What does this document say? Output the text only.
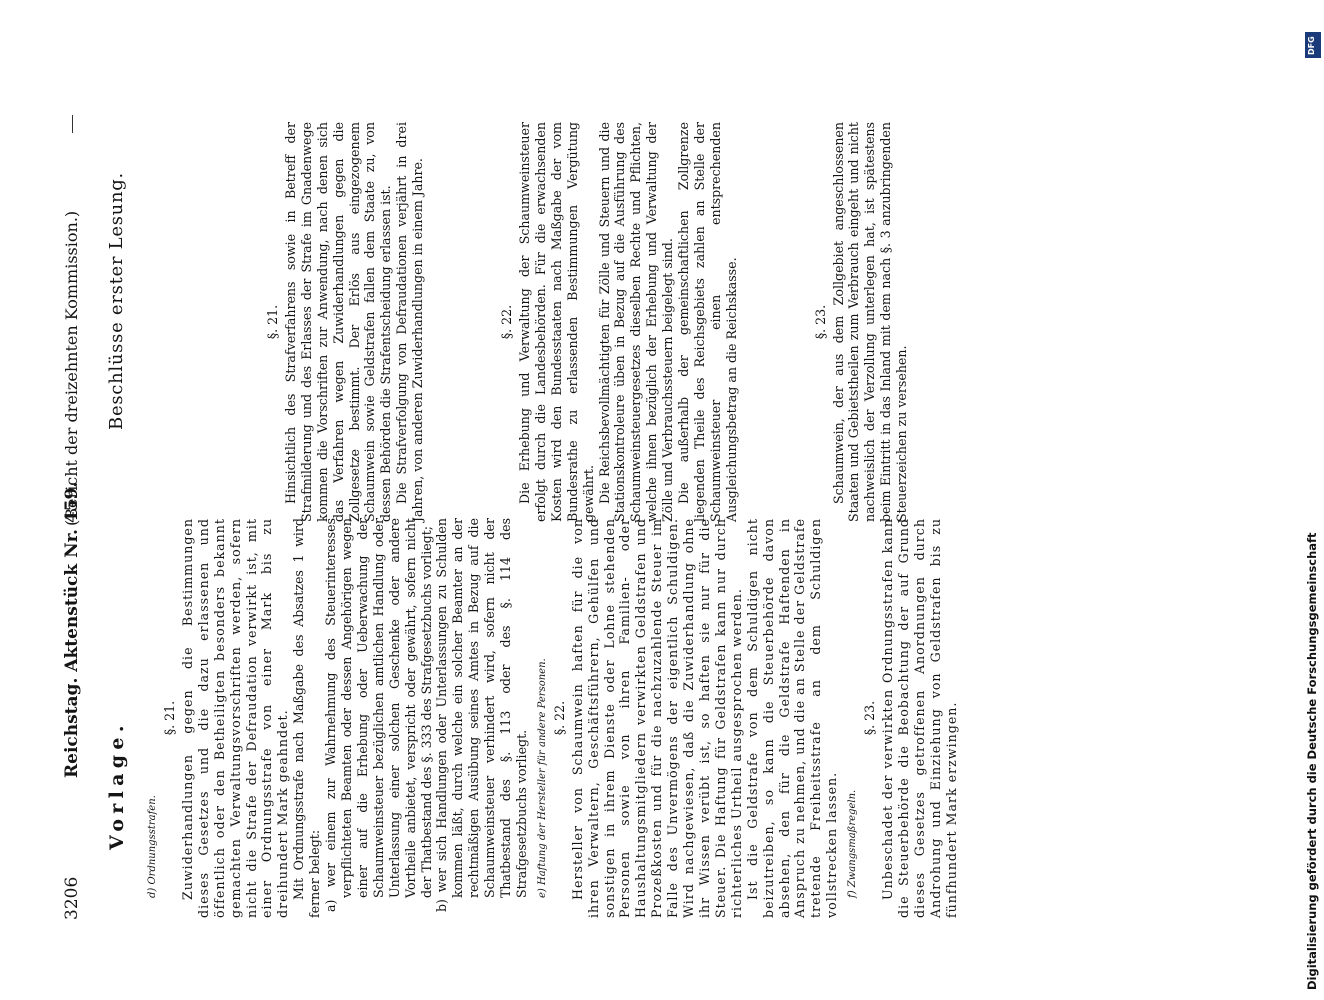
3206
Reichstag. Aktenstück Nr. 459.
(Bericht der dreizehnten Kommission.)
Vorlage.
Beschlüsse erster Lesung.
d) Ordnungsstrafen.
§. 21. Zuwiderhandlungen gegen die Bestimmungen dieses Gesetzes und die dazu erlassenen und öffentlich oder den Betheiligten besonders bekannt gemachten Verwaltungsvorschriften werden, sofern nicht die Strafe der Defraudation verwirkt ist, mit einer Ordnungsstrafe von einer Mark bis zu dreihundert Mark geahndet. Mit Ordnungsstrafe nach Maßgabe des Absatzes 1 wird ferner belegt: a) wer einem zur Wahrnehmung des Steuerinteresses verpflichteten Beamten oder dessen Angehörigen wegen einer auf die Erhebung oder Ueberwachung der Schaumweinsteuer bezüglichen amtlichen Handlung oder Unterlassung einer solchen Geschenke oder andere Vortheile anbietet, verspricht oder gewährt, sofern nicht der Thatbestand des §. 333 des Strafgesetzbuchs vorliegt; b) wer sich Handlungen oder Unterlassungen zu Schulden kommen läßt, durch welche ein solcher Beamter an der rechtmäßigen Ausübung seines Amtes in Bezug auf die Schaumweinsteuer verhindert wird, sofern nicht der Thatbestand des §. 113 oder des §. 114 des Strafgesetzbuchs vorliegt. e) Haftung der Hersteller für andere Personen. §. 22. Hersteller von Schaumwein haften für die von ihren Verwaltern, Geschäftsführern, Gehülfen und sonstigen in ihrem Dienste oder Lohne stehenden Personen sowie von ihren Familien- oder Haushaltungsmitgliedern verwirkten Geldstrafen und Prozeßkosten und für die nachzuzahlende Steuer im Falle des Unvermögens der eigentlich Schuldigen. Wird nachgewiesen, daß die Zuwiderhandlung ohne ihr Wissen verübt ist, so haften sie nur für die Steuer. Die Haftung für Geldstrafen kann nur durch richterliches Urtheil ausgesprochen werden. Ist die Geldstrafe von dem Schuldigen nicht beizutreiben, so kann die Steuerbehörde davon absehen, den für die Geldstrafe Haftenden in Anspruch zu nehmen, und die an Stelle der Geldstrafe tretende Freiheitsstrafe an dem Schuldigen vollstrecken lassen. f) Zwangsmaßregeln.
§. 23. Unbeschadet der verwirkten Ordnungsstrafen kann die Steuerbehörde die Beobachtung der auf Grund dieses Gesetzes getroffenen Anordnungen durch Androhung und Einziehung von Geldstrafen bis zu fünfhundert Mark erzwingen.

§. 21. Hinsichtlich des Strafverfahrens sowie in Betreff der Strafmilderung und des Erlasses der Strafe im Gnadenwege kommen die Vorschriften zur Anwendung, nach denen sich das Verfahren wegen Zuwiderhandlungen gegen die Zollgesetze bestimmt. Der Erlös aus eingezogenem Schaumwein sowie Geldstrafen fallen dem Staate zu, von dessen Behörden die Strafentscheidung erlassen ist. Die Strafverfolgung von Defraudationen verjährt in drei Jahren, von anderen Zuwiderhandlungen in einem Jahre.	§. 22. Die Erhebung und Verwaltung der Schaumweinsteuer erfolgt durch die Landesbehörden. Für die erwachsenden Kosten wird den Bundesstaaten nach Maßgabe der vom Bundesrathe zu erlassenden Bestimmungen Vergütung gewährt. Die Reichsbevollmächtigten für Zölle und Steuern und die Stationskontroleure üben in Bezug auf die Ausführung des Schaumweinsteuergesetzes dieselben Rechte und Pflichten, welche ihnen bezüglich der Erhebung und Verwaltung der Zölle und Verbrauchssteuern beigelegt sind. Die außerhalb der gemeinschaftlichen Zollgrenze liegenden Theile des Reichsgebiets zahlen an Stelle der Schaumweinsteuer einen entsprechenden Ausgleichungsbetrag an die Reichskasse.	§. 23. Schaumwein, der aus dem Zollgebiet angeschlossenen Staaten und Gebietstheilen zum Verbrauch eingeht und nicht nachweislich der Verzollung unterlegen hat, ist spätestens beim Eintritt in das Inland mit dem nach §. 3 anzubringenden Steuerzeichen zu versehen.

Digitalisierung gefördert durch die Deutsche Forschungsgemeinschaft
DFG
